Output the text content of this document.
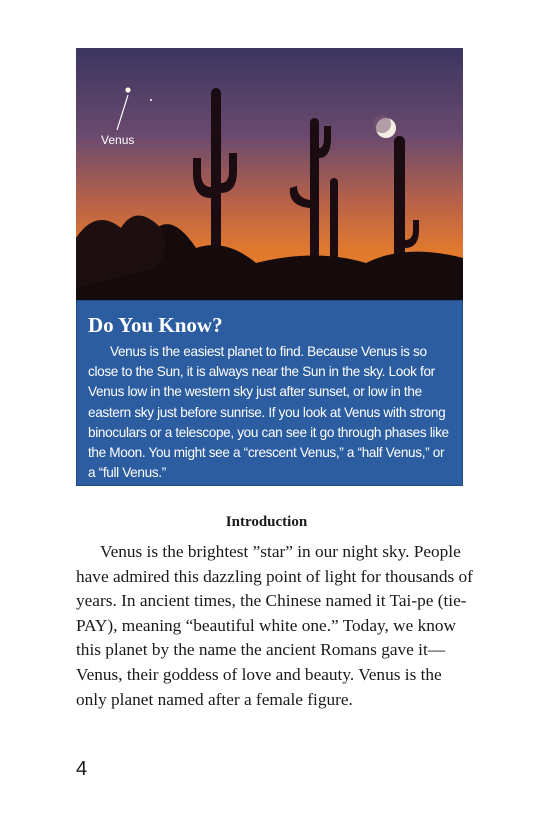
Venus
Do You Know?

Venus is the easiest planet to find. Because Venus is so close to the Sun, it is always near the Sun in the sky. Look for Venus low in the western sky just after sunset, or low in the eastern sky just before sunrise. If you look at Venus with strong binoculars or a telescope, you can see it go through phases like the Moon. You might see a “crescent Venus,” a “half Venus,” or a “full Venus.”

Introduction

Venus is the brightest ”star” in our night sky. People have admired this dazzling point of light for thousands of years. In ancient times, the Chinese named it Tai-pe (tie-PAY), meaning “beautiful white one.” Today, we know this planet by the name the ancient Romans gave it—Venus, their goddess of love and beauty. Venus is the only planet named after a female figure.

4
